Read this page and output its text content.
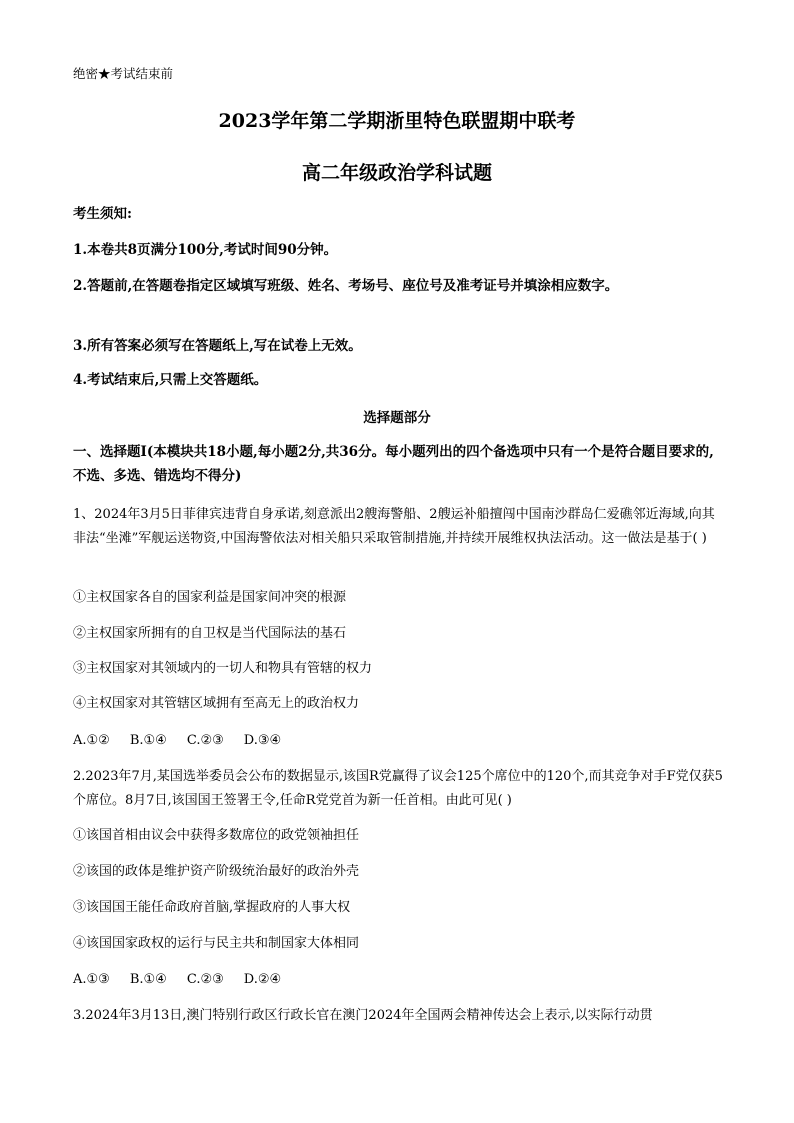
绝密★考试结束前
2023学年第二学期浙里特色联盟期中联考
高二年级政治学科试题
考生须知:
1.本卷共8页满分100分,考试时间90分钟。
2.答题前,在答题卷指定区域填写班级、姓名、考场号、座位号及准考证号并填涂相应数字。
3.所有答案必须写在答题纸上,写在试卷上无效。
4.考试结束后,只需上交答题纸。
选择题部分
一、选择题Ⅰ(本模块共18小题,每小题2分,共36分。每小题列出的四个备选项中只有一个是符合题目要求的,不选、多选、错选均不得分)
1、2024年3月5日菲律宾违背自身承诺,刻意派出2艘海警船、2艘运补船擅闯中国南沙群岛仁爱礁邻近海域,向其非法“坐滩”军舰运送物资,中国海警依法对相关船只采取管制措施,并持续开展维权执法活动。这一做法是基于( )
①主权国家各自的国家利益是国家间冲突的根源
②主权国家所拥有的自卫权是当代国际法的基石
③主权国家对其领域内的一切人和物具有管辖的权力
④主权国家对其管辖区域拥有至高无上的政治权力
A.①② B.①④ C.②③ D.③④
2.2023年7月,某国选举委员会公布的数据显示,该国R党赢得了议会125个席位中的120个,而其竞争对手F党仅获5个席位。8月7日,该国国王签署王令,任命R党党首为新一任首相。由此可见( )
①该国首相由议会中获得多数席位的政党领袖担任
②该国的政体是维护资产阶级统治最好的政治外壳
③该国国王能任命政府首脑,掌握政府的人事大权
④该国国家政权的运行与民主共和制国家大体相同
A.①③ B.①④ C.②③ D.②④
3.2024年3月13日,澳门特别行政区行政长官在澳门2024年全国两会精神传达会上表示,以实际行动贯
